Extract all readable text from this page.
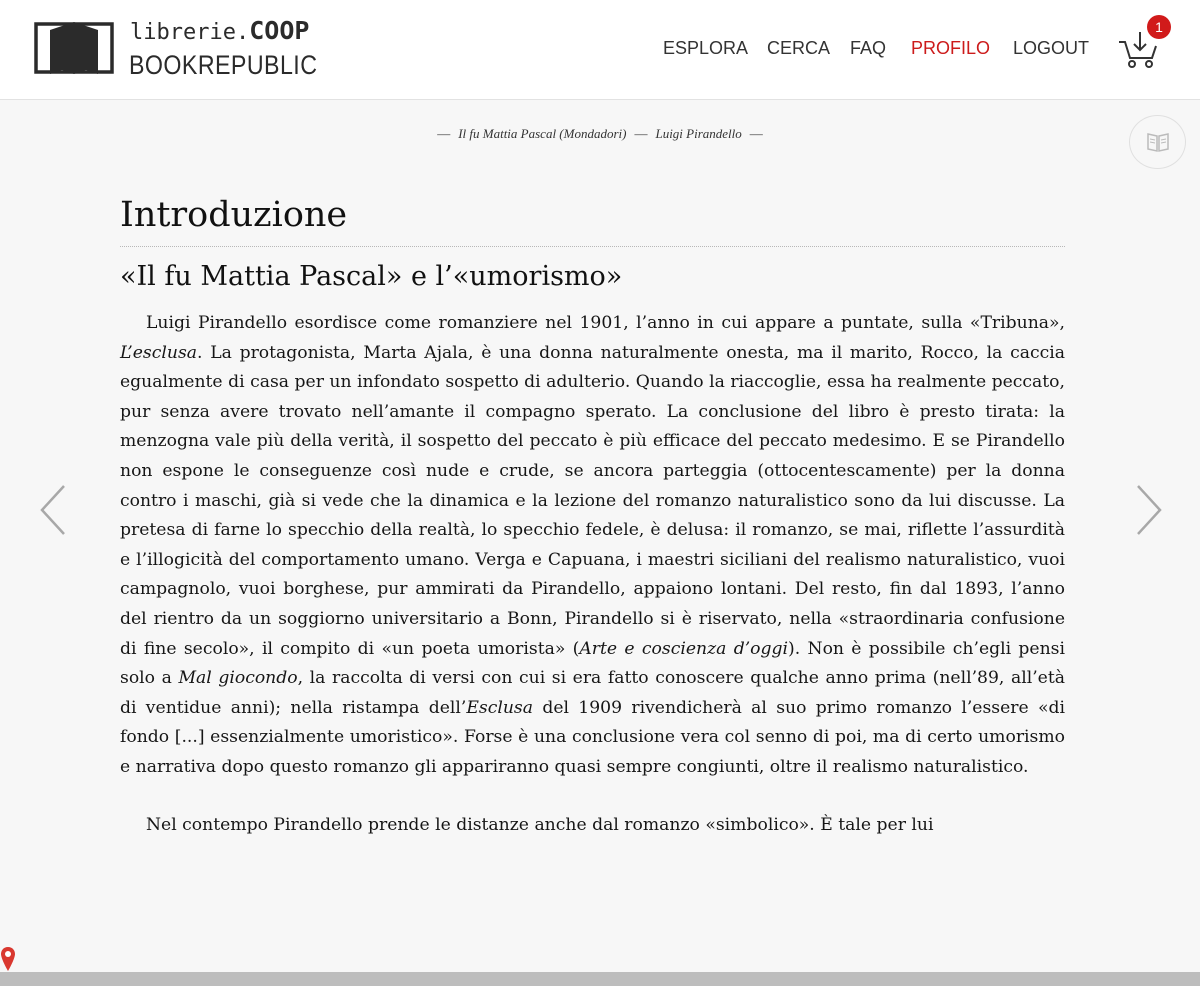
librerie.COOP
BOOKREPUBLIC
ESPLORA CERCA FAQ PROFILO LOGOUT
1
— Il fu Mattia Pascal (Mondadori) — Luigi Pirandello —
Introduzione
«Il fu Mattia Pascal» e l’«umorismo»

Luigi Pirandello esordisce come romanziere nel 1901, l’anno in cui appare a puntate, sulla «Tribuna», L’esclusa. La protagonista, Marta Ajala, è una donna naturalmente onesta, ma il marito, Rocco, la caccia egualmente di casa per un infondato sospetto di adulterio. Quando la riaccoglie, essa ha realmente peccato, pur senza avere trovato nell’amante il compagno sperato. La conclusione del libro è presto tirata: la menzogna vale più della verità, il sospetto del peccato è più efficace del peccato medesimo. E se Pirandello non espone le conseguenze così nude e crude, se ancora parteggia (ottocentescamente) per la donna contro i maschi, già si vede che la dinamica e la lezione del romanzo naturalistico sono da lui discusse. La pretesa di farne lo specchio della realtà, lo specchio fedele, è delusa: il romanzo, se mai, riflette l’assurdità e l’illogicità del comportamento umano. Verga e Capuana, i maestri siciliani del realismo naturalistico, vuoi campagnolo, vuoi borghese, pur ammirati da Pirandello, appaiono lontani. Del resto, fin dal 1893, l’anno del rientro da un soggiorno universitario a Bonn, Pirandello si è riservato, nella «straordinaria confusione di fine secolo», il compito di «un poeta umorista» (Arte e coscienza d’oggi). Non è possibile ch’egli pensi solo a Mal giocondo, la raccolta di versi con cui si era fatto conoscere qualche anno prima (nell’89, all’età di ventidue anni); nella ristampa dell’Esclusa del 1909 rivendicherà al suo primo romanzo l’essere «di fondo [...] essenzialmente umoristico». Forse è una conclusione vera col senno di poi, ma di certo umorismo e narrativa dopo questo romanzo gli appariranno quasi sempre congiunti, oltre il realismo naturalistico.

Nel contempo Pirandello prende le distanze anche dal romanzo «simbolico». È tale per lui
